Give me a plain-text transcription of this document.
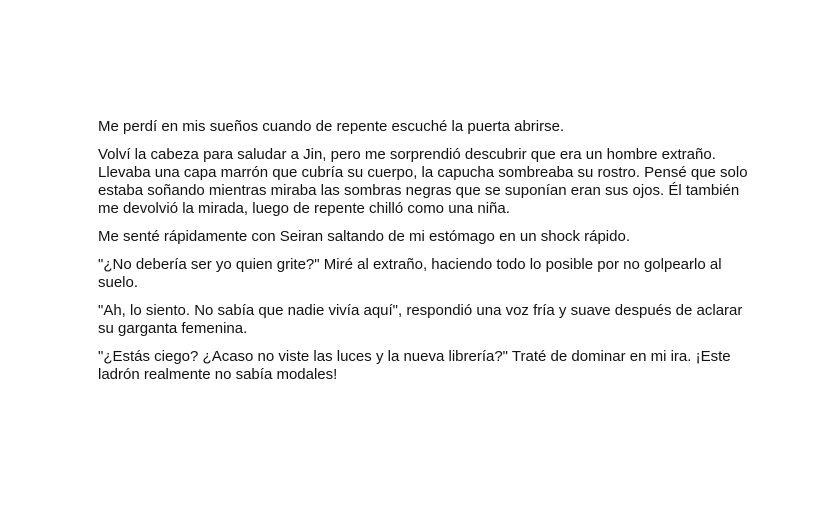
Me perdí en mis sueños cuando de repente escuché la puerta abrirse.

Volví la cabeza para saludar a Jin, pero me sorprendió descubrir que era un hombre extraño. Llevaba una capa marrón que cubría su cuerpo, la capucha sombreaba su rostro. Pensé que solo estaba soñando mientras miraba las sombras negras que se suponían eran sus ojos. Él también me devolvió la mirada, luego de repente chilló como una niña.

Me senté rápidamente con Seiran saltando de mi estómago en un shock rápido.

"¿No debería ser yo quien grite?" Miré al extraño, haciendo todo lo posible por no golpearlo al suelo.

"Ah, lo siento. No sabía que nadie vivía aquí", respondió una voz fría y suave después de aclarar su garganta femenina.

"¿Estás ciego? ¿Acaso no viste las luces y la nueva librería?" Traté de dominar en mi ira. ¡Este ladrón realmente no sabía modales!
